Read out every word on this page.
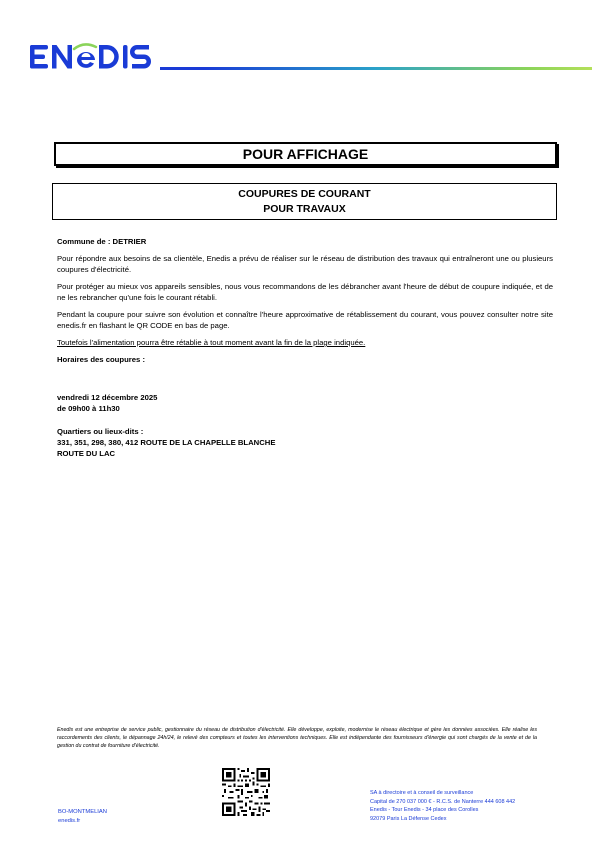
POUR AFFICHAGE
COUPURES DE COURANT
POUR TRAVAUX
Commune de : DETRIER

Pour répondre aux besoins de sa clientèle, Enedis a prévu de réaliser sur le réseau de distribution des travaux qui entraîneront une ou plusieurs coupures d'électricité.

Pour protéger au mieux vos appareils sensibles, nous vous recommandons de les débrancher avant l'heure de début de coupure indiquée, et de ne les rebrancher qu'une fois le courant rétabli.

Pendant la coupure pour suivre son évolution et connaître l'heure approximative de rétablissement du courant, vous pouvez consulter notre site enedis.fr en flashant le QR CODE en bas de page.

Toutefois l'alimentation pourra être rétablie à tout moment avant la fin de la plage indiquée.

Horaires des coupures :

vendredi 12 décembre 2025
de 09h00 à 11h30
Quartiers ou lieux-dits :
331, 351, 298, 380, 412 ROUTE DE LA CHAPELLE BLANCHE
ROUTE DU LAC
Enedis est une entreprise de service public, gestionnaire du réseau de distribution d'électricité. Elle développe, exploite, modernise le réseau électrique et gère les données associées. Elle réalise les raccordements des clients, le dépannage 24h/24, le relevé des compteurs et toutes les interventions techniques. Elle est indépendante des fournisseurs d'énergie qui sont chargés de la vente et de la gestion du contrat de fourniture d'électricité.
BO-MONTMELIAN
enedis.fr
SA à directoire et à conseil de surveillance
Capital de 270 037 000 € - R.C.S. de Nanterre 444 608 442
Enedis - Tour Enedis - 34 place des Corolles
92079 Paris La Défense Cedex
